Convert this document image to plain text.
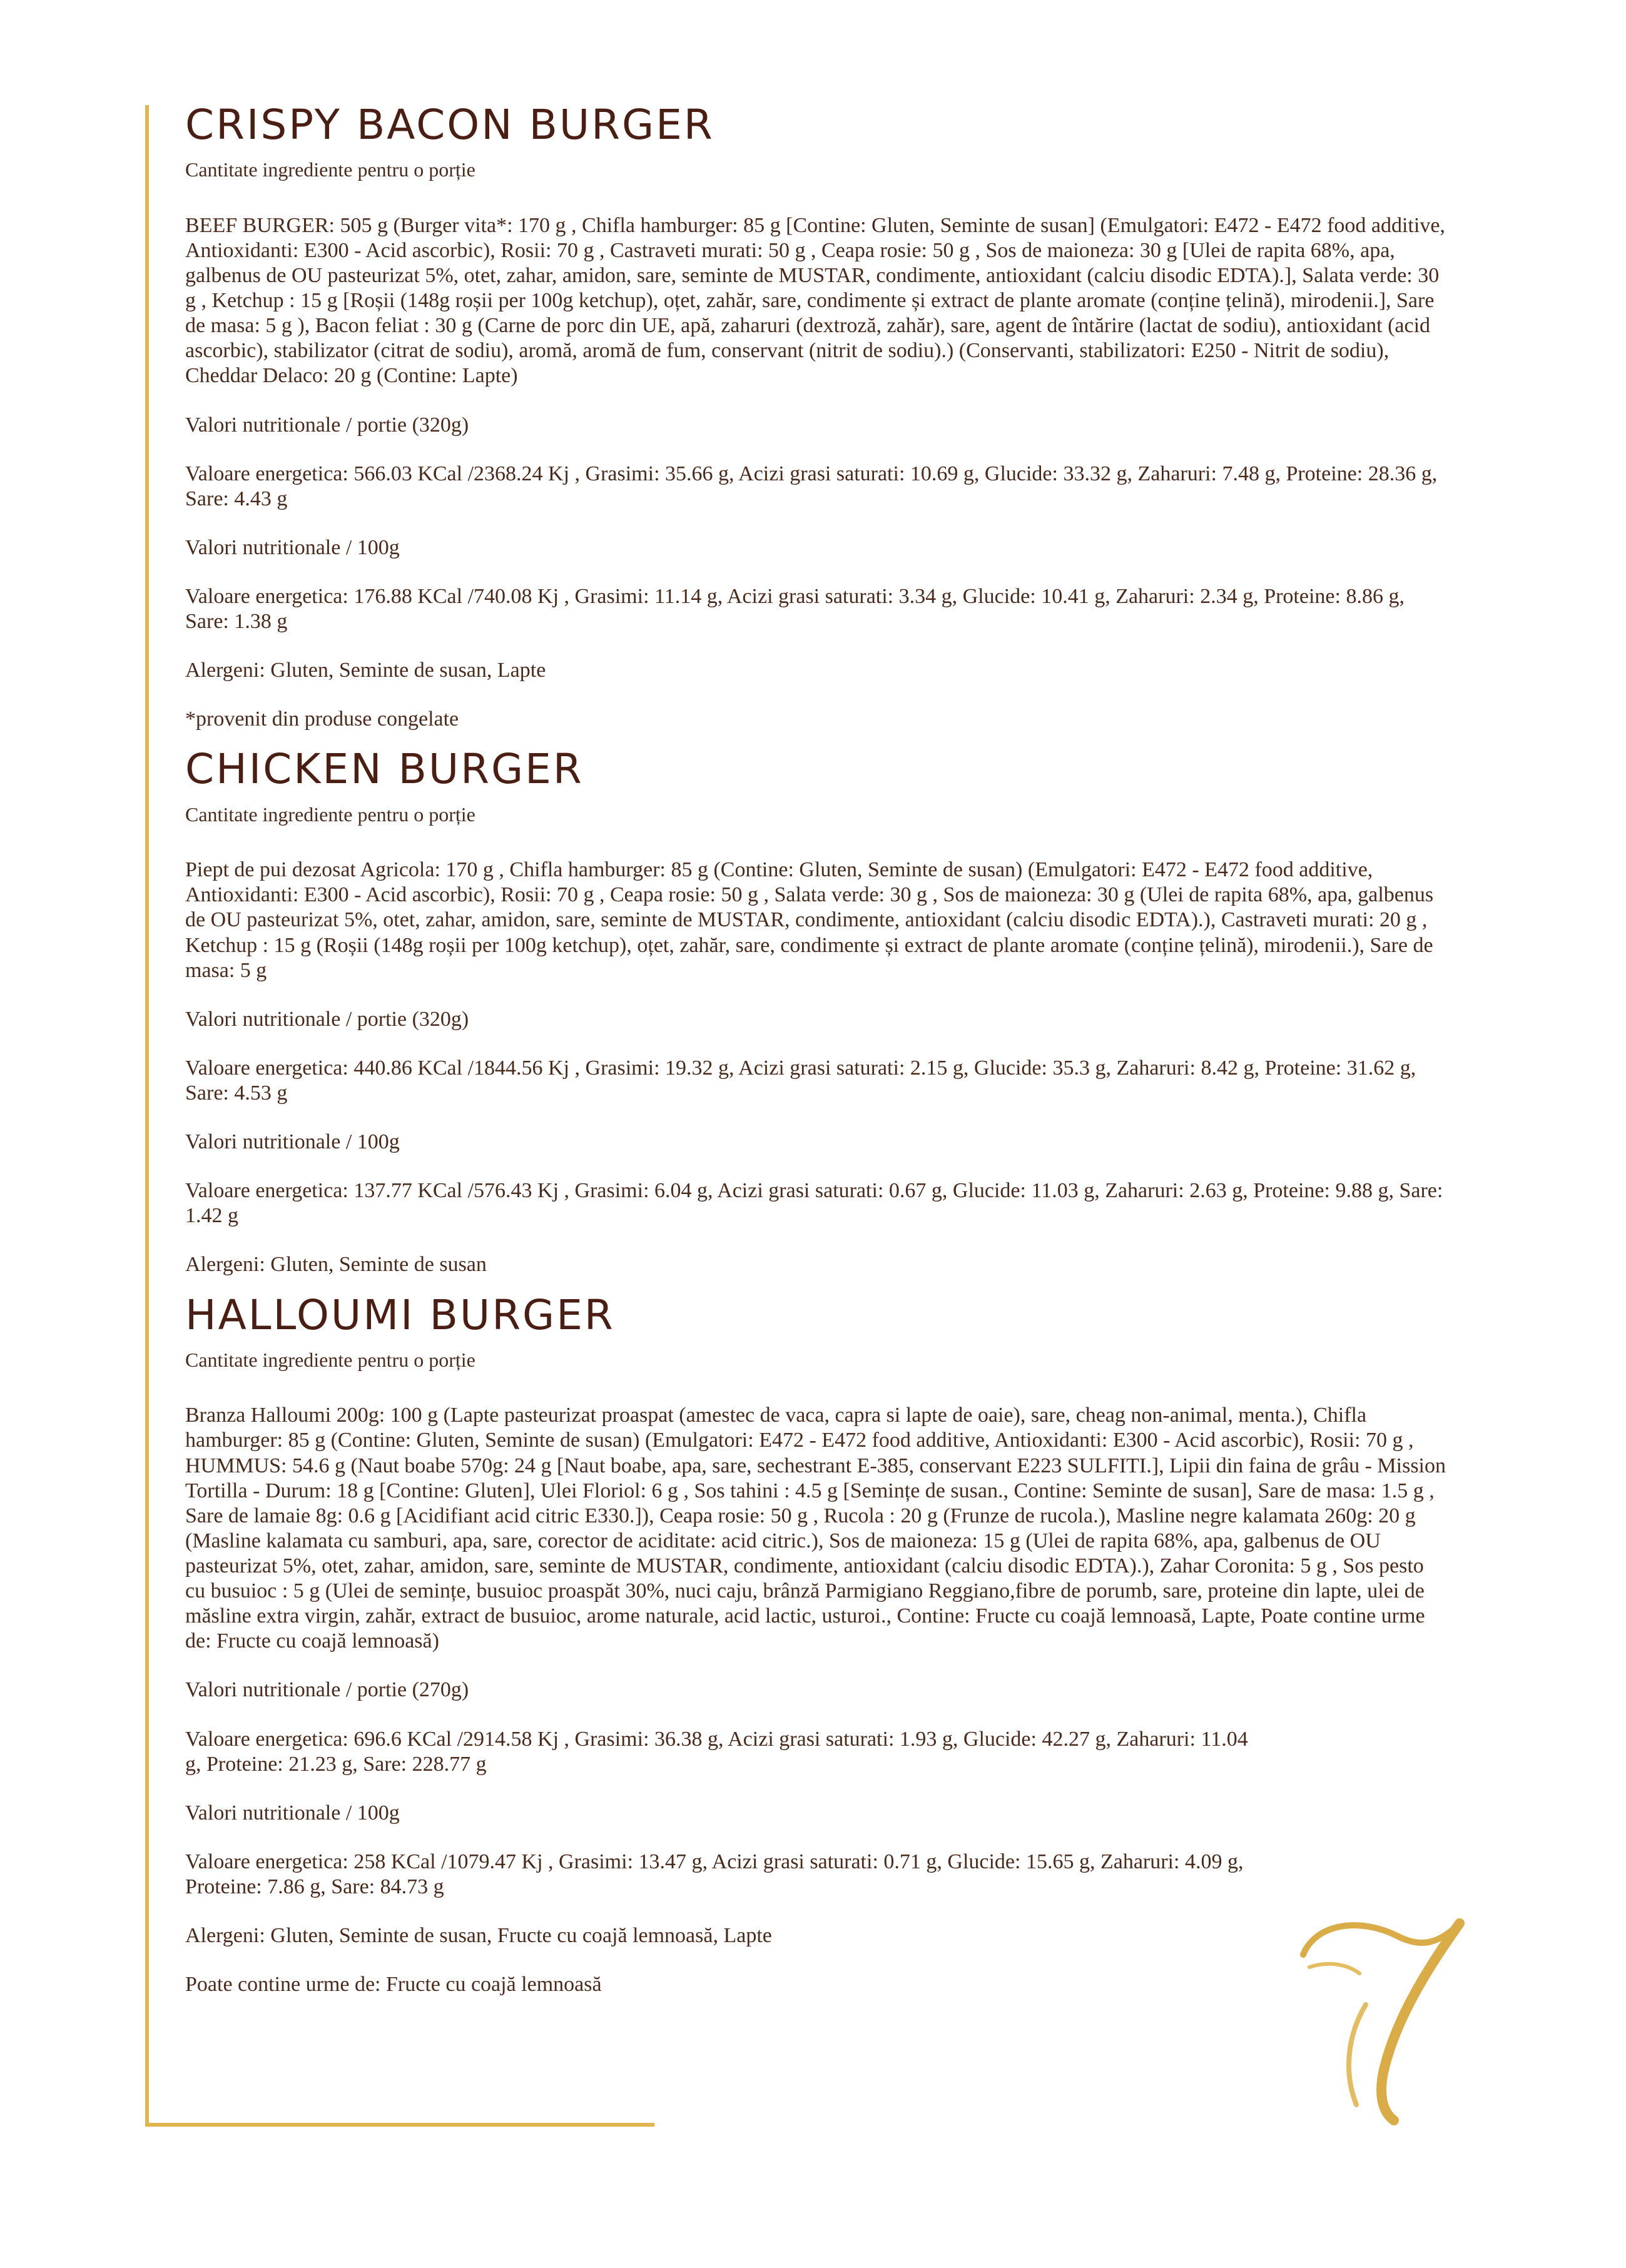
CRISPY BACON BURGER
Cantitate ingrediente pentru o porție

BEEF BURGER: 505 g (Burger vita*: 170 g , Chifla hamburger: 85 g [Contine: Gluten, Seminte de susan] (Emulgatori: E472 - E472 food additive, Antioxidanti: E300 - Acid ascorbic), Rosii: 70 g , Castraveti murati: 50 g , Ceapa rosie: 50 g , Sos de maioneza: 30 g [Ulei de rapita 68%, apa, galbenus de OU pasteurizat 5%, otet, zahar, amidon, sare, seminte de MUSTAR, condimente, antioxidant (calciu disodic EDTA).], Salata verde: 30 g , Ketchup : 15 g [Roșii (148g roșii per 100g ketchup), oțet, zahăr, sare, condimente și extract de plante aromate (conține țelină), mirodenii.], Sare de masa: 5 g ), Bacon feliat : 30 g (Carne de porc din UE, apă, zaharuri (dextroză, zahăr), sare, agent de întărire (lactat de sodiu), antioxidant (acid ascorbic), stabilizator (citrat de sodiu), aromă, aromă de fum, conservant (nitrit de sodiu).) (Conservanti, stabilizatori: E250 - Nitrit de sodiu), Cheddar Delaco: 20 g (Contine: Lapte)

Valori nutritionale / portie (320g)

Valoare energetica: 566.03 KCal /2368.24 Kj , Grasimi: 35.66 g, Acizi grasi saturati: 10.69 g, Glucide: 33.32 g, Zaharuri: 7.48 g, Proteine: 28.36 g, Sare: 4.43 g

Valori nutritionale / 100g

Valoare energetica: 176.88 KCal /740.08 Kj , Grasimi: 11.14 g, Acizi grasi saturati: 3.34 g, Glucide: 10.41 g, Zaharuri: 2.34 g, Proteine: 8.86 g, Sare: 1.38 g

Alergeni: Gluten, Seminte de susan, Lapte

*provenit din produse congelate

CHICKEN BURGER
Cantitate ingrediente pentru o porție

Piept de pui dezosat Agricola: 170 g , Chifla hamburger: 85 g (Contine: Gluten, Seminte de susan) (Emulgatori: E472 - E472 food additive, Antioxidanti: E300 - Acid ascorbic), Rosii: 70 g , Ceapa rosie: 50 g , Salata verde: 30 g , Sos de maioneza: 30 g (Ulei de rapita 68%, apa, galbenus de OU pasteurizat 5%, otet, zahar, amidon, sare, seminte de MUSTAR, condimente, antioxidant (calciu disodic EDTA).), Castraveti murati: 20 g , Ketchup : 15 g (Roșii (148g roșii per 100g ketchup), oțet, zahăr, sare, condimente și extract de plante aromate (conține țelină), mirodenii.), Sare de masa: 5 g

Valori nutritionale / portie (320g)

Valoare energetica: 440.86 KCal /1844.56 Kj , Grasimi: 19.32 g, Acizi grasi saturati: 2.15 g, Glucide: 35.3 g, Zaharuri: 8.42 g, Proteine: 31.62 g, Sare: 4.53 g

Valori nutritionale / 100g

Valoare energetica: 137.77 KCal /576.43 Kj , Grasimi: 6.04 g, Acizi grasi saturati: 0.67 g, Glucide: 11.03 g, Zaharuri: 2.63 g, Proteine: 9.88 g, Sare: 1.42 g

Alergeni: Gluten, Seminte de susan

HALLOUMI BURGER
Cantitate ingrediente pentru o porție

Branza Halloumi 200g: 100 g (Lapte pasteurizat proaspat (amestec de vaca, capra si lapte de oaie), sare, cheag non-animal, menta.), Chifla hamburger: 85 g (Contine: Gluten, Seminte de susan) (Emulgatori: E472 - E472 food additive, Antioxidanti: E300 - Acid ascorbic), Rosii: 70 g , HUMMUS: 54.6 g (Naut boabe 570g: 24 g [Naut boabe, apa, sare, sechestrant E-385, conservant E223 SULFITI.], Lipii din faina de grâu - Mission Tortilla - Durum: 18 g [Contine: Gluten], Ulei Floriol: 6 g , Sos tahini : 4.5 g [Semințe de susan., Contine: Seminte de susan], Sare de masa: 1.5 g , Sare de lamaie 8g: 0.6 g [Acidifiant acid citric E330.]), Ceapa rosie: 50 g , Rucola : 20 g (Frunze de rucola.), Masline negre kalamata 260g: 20 g (Masline kalamata cu samburi, apa, sare, corector de aciditate: acid citric.), Sos de maioneza: 15 g (Ulei de rapita 68%, apa, galbenus de OU pasteurizat 5%, otet, zahar, amidon, sare, seminte de MUSTAR, condimente, antioxidant (calciu disodic EDTA).), Zahar Coronita: 5 g , Sos pesto cu busuioc : 5 g (Ulei de semințe, busuioc proaspăt 30%, nuci caju, brânză Parmigiano Reggiano,fibre de porumb, sare, proteine din lapte, ulei de măsline extra virgin, zahăr, extract de busuioc, arome naturale, acid lactic, usturoi., Contine: Fructe cu coajă lemnoasă, Lapte, Poate contine urme de: Fructe cu coajă lemnoasă)

Valori nutritionale / portie (270g)

Valoare energetica: 696.6 KCal /2914.58 Kj , Grasimi: 36.38 g, Acizi grasi saturati: 1.93 g, Glucide: 42.27 g, Zaharuri: 11.04 g, Proteine: 21.23 g, Sare: 228.77 g

Valori nutritionale / 100g

Valoare energetica: 258 KCal /1079.47 Kj , Grasimi: 13.47 g, Acizi grasi saturati: 0.71 g, Glucide: 15.65 g, Zaharuri: 4.09 g, Proteine: 7.86 g, Sare: 84.73 g

Alergeni: Gluten, Seminte de susan, Fructe cu coajă lemnoasă, Lapte

Poate contine urme de: Fructe cu coajă lemnoasă
